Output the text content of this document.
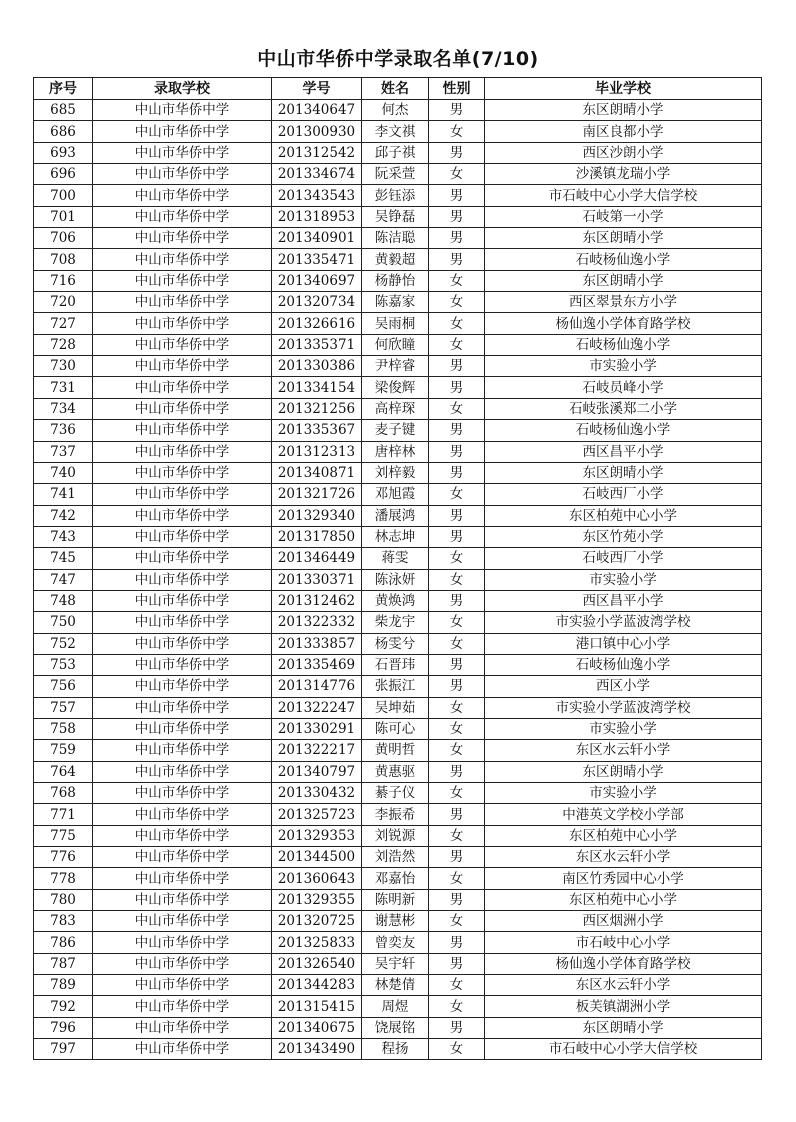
中山市华侨中学录取名单(7/10)
序号	录取学校	学号	姓名	性别	毕业学校
685	中山市华侨中学	201340647	何杰	男	东区朗晴小学
686	中山市华侨中学	201300930	李文祺	女	南区良都小学
693	中山市华侨中学	201312542	邱子祺	男	西区沙朗小学
696	中山市华侨中学	201334674	阮采萱	女	沙溪镇龙瑞小学
700	中山市华侨中学	201343543	彭钰添	男	市石岐中心小学大信学校
701	中山市华侨中学	201318953	吴铮磊	男	石岐第一小学
706	中山市华侨中学	201340901	陈洁聪	男	东区朗晴小学
708	中山市华侨中学	201335471	黄毅超	男	石岐杨仙逸小学
716	中山市华侨中学	201340697	杨静怡	女	东区朗晴小学
720	中山市华侨中学	201320734	陈嘉家	女	西区翠景东方小学
727	中山市华侨中学	201326616	吴雨桐	女	杨仙逸小学体育路学校
728	中山市华侨中学	201335371	何欣瞳	女	石岐杨仙逸小学
730	中山市华侨中学	201330386	尹梓睿	男	市实验小学
731	中山市华侨中学	201334154	梁俊辉	男	石岐员峰小学
734	中山市华侨中学	201321256	高梓琛	女	石岐张溪郑二小学
736	中山市华侨中学	201335367	麦子键	男	石岐杨仙逸小学
737	中山市华侨中学	201312313	唐梓林	男	西区昌平小学
740	中山市华侨中学	201340871	刘梓毅	男	东区朗晴小学
741	中山市华侨中学	201321726	邓旭霞	女	石岐西厂小学
742	中山市华侨中学	201329340	潘展鸿	男	东区柏苑中心小学
743	中山市华侨中学	201317850	林志坤	男	东区竹苑小学
745	中山市华侨中学	201346449	蒋雯	女	石岐西厂小学
747	中山市华侨中学	201330371	陈泳妍	女	市实验小学
748	中山市华侨中学	201312462	黄焕鸿	男	西区昌平小学
750	中山市华侨中学	201322332	柴龙宇	女	市实验小学蓝波湾学校
752	中山市华侨中学	201333857	杨雯兮	女	港口镇中心小学
753	中山市华侨中学	201335469	石晋玮	男	石岐杨仙逸小学
756	中山市华侨中学	201314776	张振江	男	西区小学
757	中山市华侨中学	201322247	吴坤茹	女	市实验小学蓝波湾学校
758	中山市华侨中学	201330291	陈可心	女	市实验小学
759	中山市华侨中学	201322217	黄明哲	女	东区水云轩小学
764	中山市华侨中学	201340797	黄惠驱	男	东区朗晴小学
768	中山市华侨中学	201330432	綦子仪	女	市实验小学
771	中山市华侨中学	201325723	李振希	男	中港英文学校小学部
775	中山市华侨中学	201329353	刘锐源	女	东区柏苑中心小学
776	中山市华侨中学	201344500	刘浩然	男	东区水云轩小学
778	中山市华侨中学	201360643	邓嘉怡	女	南区竹秀园中心小学
780	中山市华侨中学	201329355	陈明新	男	东区柏苑中心小学
783	中山市华侨中学	201320725	谢慧彬	女	西区烟洲小学
786	中山市华侨中学	201325833	曾奕友	男	市石岐中心小学
787	中山市华侨中学	201326540	吴宇轩	男	杨仙逸小学体育路学校
789	中山市华侨中学	201344283	林楚倩	女	东区水云轩小学
792	中山市华侨中学	201315415	周煜	女	板芙镇湖洲小学
796	中山市华侨中学	201340675	饶展铭	男	东区朗晴小学
797	中山市华侨中学	201343490	程扬	女	市石岐中心小学大信学校
